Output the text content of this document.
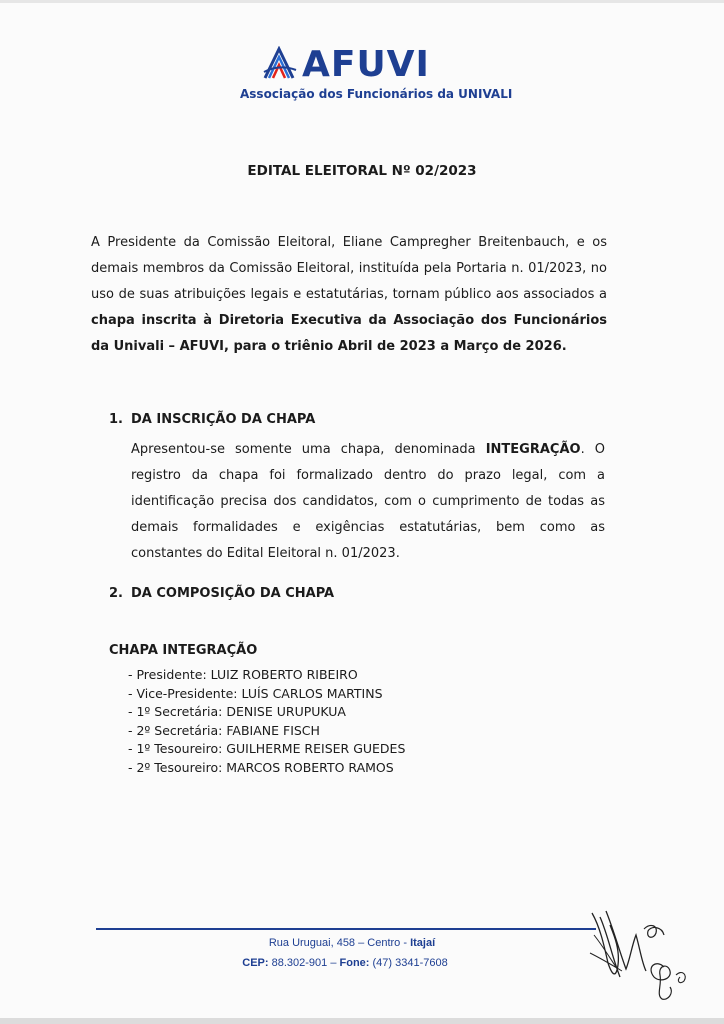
AFUVI
Associação dos Funcionários da UNIVALI
EDITAL ELEITORAL Nº 02/2023

A Presidente da Comissão Eleitoral, Eliane Campregher Breitenbauch, e os demais membros da Comissão Eleitoral, instituída pela Portaria n. 01/2023, no uso de suas atribuições legais e estatutárias, tornam público aos associados a chapa inscrita à Diretoria Executiva da Associação dos Funcionários da Univali – AFUVI, para o triênio Abril de 2023 a Março de 2026.

1. DA INSCRIÇÃO DA CHAPA

Apresentou-se somente uma chapa, denominada INTEGRAÇÃO. O registro da chapa foi formalizado dentro do prazo legal, com a identificação precisa dos candidatos, com o cumprimento de todas as demais formalidades e exigências estatutárias, bem como as constantes do Edital Eleitoral n. 01/2023.

2. DA COMPOSIÇÃO DA CHAPA
CHAPA INTEGRAÇÃO
- Presidente: LUIZ ROBERTO RIBEIRO
- Vice-Presidente: LUÍS CARLOS MARTINS
- 1º Secretária: DENISE URUPUKUA
- 2º Secretária: FABIANE FISCH
- 1º Tesoureiro: GUILHERME REISER GUEDES
- 2º Tesoureiro: MARCOS ROBERTO RAMOS
Rua Uruguai, 458 – Centro - Itajaí
CEP: 88.302-901 – Fone: (47) 3341-7608
